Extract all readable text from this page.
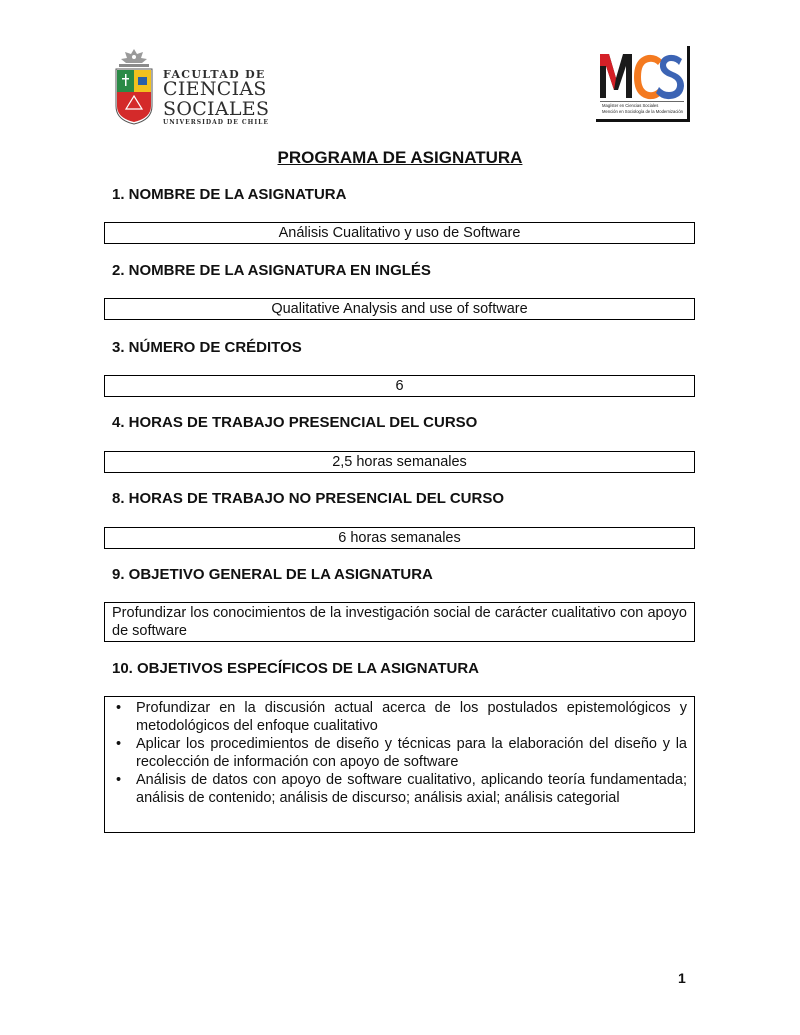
FACULTAD DE
CIENCIAS
SOCIALES
UNIVERSIDAD DE CHILE
Magíster en Ciencias Sociales
Mención en Sociología de la Modernización
PROGRAMA DE ASIGNATURA
1. NOMBRE DE LA ASIGNATURA
Análisis Cualitativo y uso de Software
2. NOMBRE DE LA ASIGNATURA EN INGLÉS
Qualitative Analysis and use of software
3. NÚMERO DE CRÉDITOS
6
4. HORAS DE TRABAJO PRESENCIAL DEL CURSO
2,5 horas semanales
8. HORAS DE TRABAJO NO PRESENCIAL DEL CURSO
6 horas semanales
9. OBJETIVO GENERAL DE LA ASIGNATURA
Profundizar los conocimientos de la investigación social de carácter cualitativo con apoyo de software
10. OBJETIVOS ESPECÍFICOS DE LA ASIGNATURA
• Profundizar en la discusión actual acerca de los postulados epistemológicos y metodológicos del enfoque cualitativo
• Aplicar los procedimientos de diseño y técnicas para la elaboración del diseño y la recolección de información con apoyo de software
• Análisis de datos con apoyo de software cualitativo, aplicando teoría fundamentada; análisis de contenido; análisis de discurso; análisis axial; análisis categorial
1
